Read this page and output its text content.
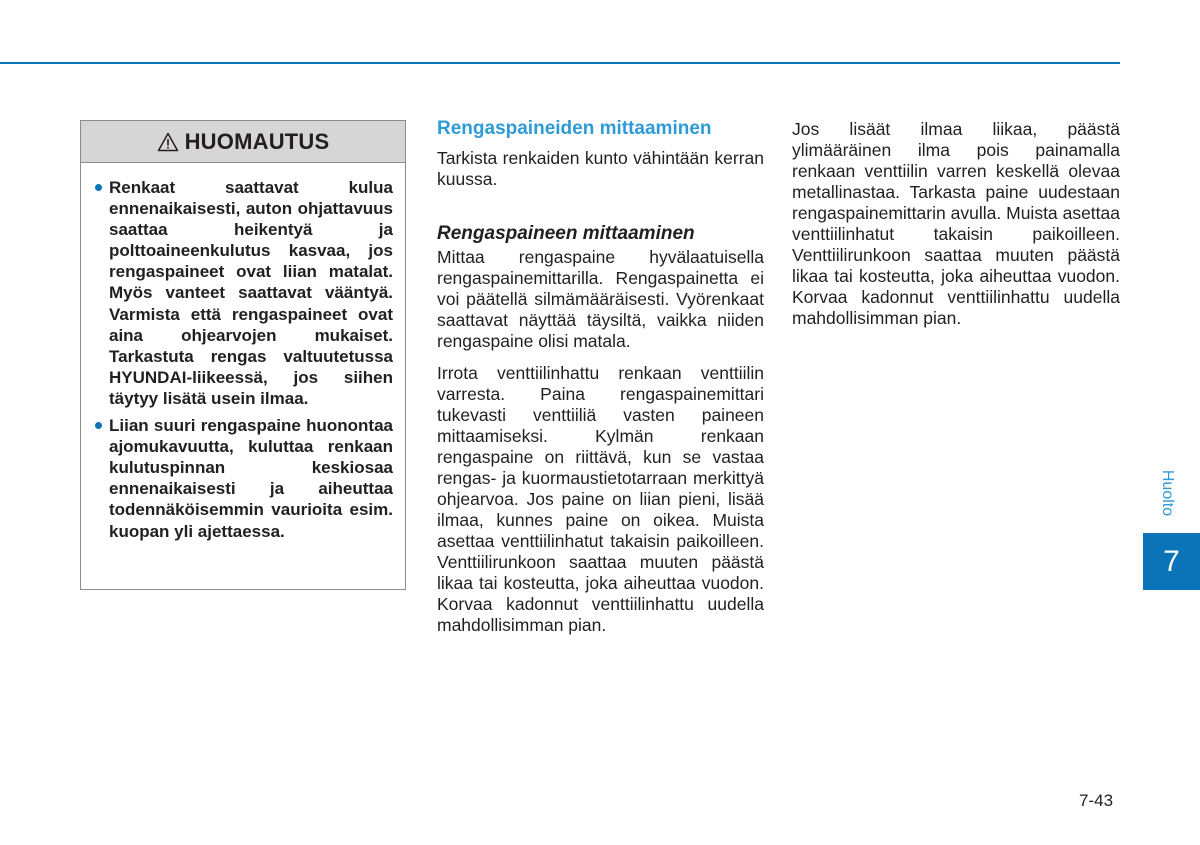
HUOMAUTUS
Renkaat saattavat kulua ennenaikaisesti, auton ohjattavuus saattaa heikentyä ja polttoaineenkulutus kasvaa, jos rengaspaineet ovat liian matalat. Myös vanteet saattavat vääntyä. Varmista että rengaspaineet ovat aina ohjearvojen mukaiset. Tarkastuta rengas valtuutetussa HYUNDAI-liikeessä, jos siihen täytyy lisätä usein ilmaa.
Liian suuri rengaspaine huonontaa ajomukavuutta, kuluttaa renkaan kulutuspinnan keskiosaa ennenaikaisesti ja aiheuttaa todennäköisemmin vaurioita esim. kuopan yli ajettaessa.
Rengaspaineiden mittaaminen

Tarkista renkaiden kunto vähintään kerran kuussa.

Rengaspaineen mittaaminen

Mittaa rengaspaine hyvälaatuisella rengaspainemittarilla. Rengaspainetta ei voi päätellä silmämääräisesti. Vyörenkaat saattavat näyttää täysiltä, vaikka niiden rengaspaine olisi matala.

Irrota venttiilinhattu renkaan venttiilin varresta. Paina rengaspainemittari tukevasti venttiiliä vasten paineen mittaamiseksi. Kylmän renkaan rengaspaine on riittävä, kun se vastaa rengas- ja kuormaustietotarraan merkittyä ohjearvoa. Jos paine on liian pieni, lisää ilmaa, kunnes paine on oikea. Muista asettaa venttiilinhatut takaisin paikoilleen. Venttiilirunkoon saattaa muuten päästä likaa tai kosteutta, joka aiheuttaa vuodon. Korvaa kadonnut venttiilinhattu uudella mahdollisimman pian.

Jos lisäät ilmaa liikaa, päästä ylimääräinen ilma pois painamalla renkaan venttiilin varren keskellä olevaa metallinastaa. Tarkasta paine uudestaan rengaspainemittarin avulla. Muista asettaa venttiilinhatut takaisin paikoilleen. Venttiilirunkoon saattaa muuten päästä likaa tai kosteutta, joka aiheuttaa vuodon. Korvaa kadonnut venttiilinhattu uudella mahdollisimman pian.

Huolto
7
7-43
